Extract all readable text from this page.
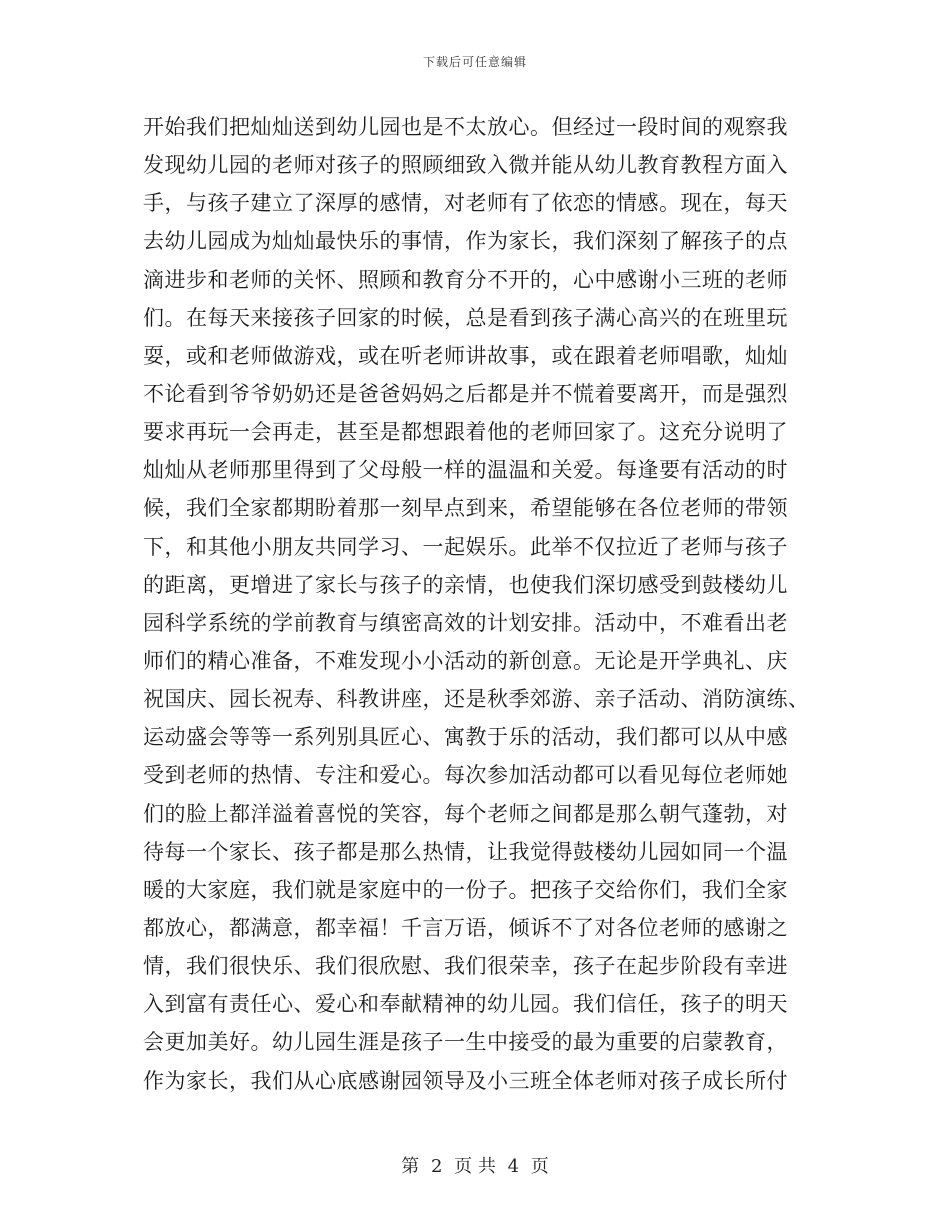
下载后可任意编辑
开始我们把灿灿送到幼儿园也是不太放心。但经过一段时间的观察我
发现幼儿园的老师对孩子的照顾细致入微并能从幼儿教育教程方面入
手，与孩子建立了深厚的感情，对老师有了依恋的情感。现在，每天
去幼儿园成为灿灿最快乐的事情，作为家长，我们深刻了解孩子的点
滴进步和老师的关怀、照顾和教育分不开的，心中感谢小三班的老师
们。在每天来接孩子回家的时候，总是看到孩子满心高兴的在班里玩
耍，或和老师做游戏，或在听老师讲故事，或在跟着老师唱歌，灿灿
不论看到爷爷奶奶还是爸爸妈妈之后都是并不慌着要离开，而是强烈
要求再玩一会再走，甚至是都想跟着他的老师回家了。这充分说明了
灿灿从老师那里得到了父母般一样的温温和关爱。每逢要有活动的时
候，我们全家都期盼着那一刻早点到来，希望能够在各位老师的带领
下，和其他小朋友共同学习、一起娱乐。此举不仅拉近了老师与孩子
的距离，更增进了家长与孩子的亲情，也使我们深切感受到鼓楼幼儿
园科学系统的学前教育与缜密高效的计划安排。活动中，不难看出老
师们的精心准备，不难发现小小活动的新创意。无论是开学典礼、庆
祝国庆、园长祝寿、科教讲座，还是秋季郊游、亲子活动、消防演练、
运动盛会等等一系列别具匠心、寓教于乐的活动，我们都可以从中感
受到老师的热情、专注和爱心。每次参加活动都可以看见每位老师她
们的脸上都洋溢着喜悦的笑容，每个老师之间都是那么朝气蓬勃，对
待每一个家长、孩子都是那么热情，让我觉得鼓楼幼儿园如同一个温
暖的大家庭，我们就是家庭中的一份子。把孩子交给你们，我们全家
都放心，都满意，都幸福！千言万语，倾诉不了对各位老师的感谢之
情，我们很快乐、我们很欣慰、我们很荣幸，孩子在起步阶段有幸进
入到富有责任心、爱心和奉献精神的幼儿园。我们信任，孩子的明天
会更加美好。幼儿园生涯是孩子一生中接受的最为重要的启蒙教育，
作为家长，我们从心底感谢园领导及小三班全体老师对孩子成长所付
第 2 页 共 4 页
